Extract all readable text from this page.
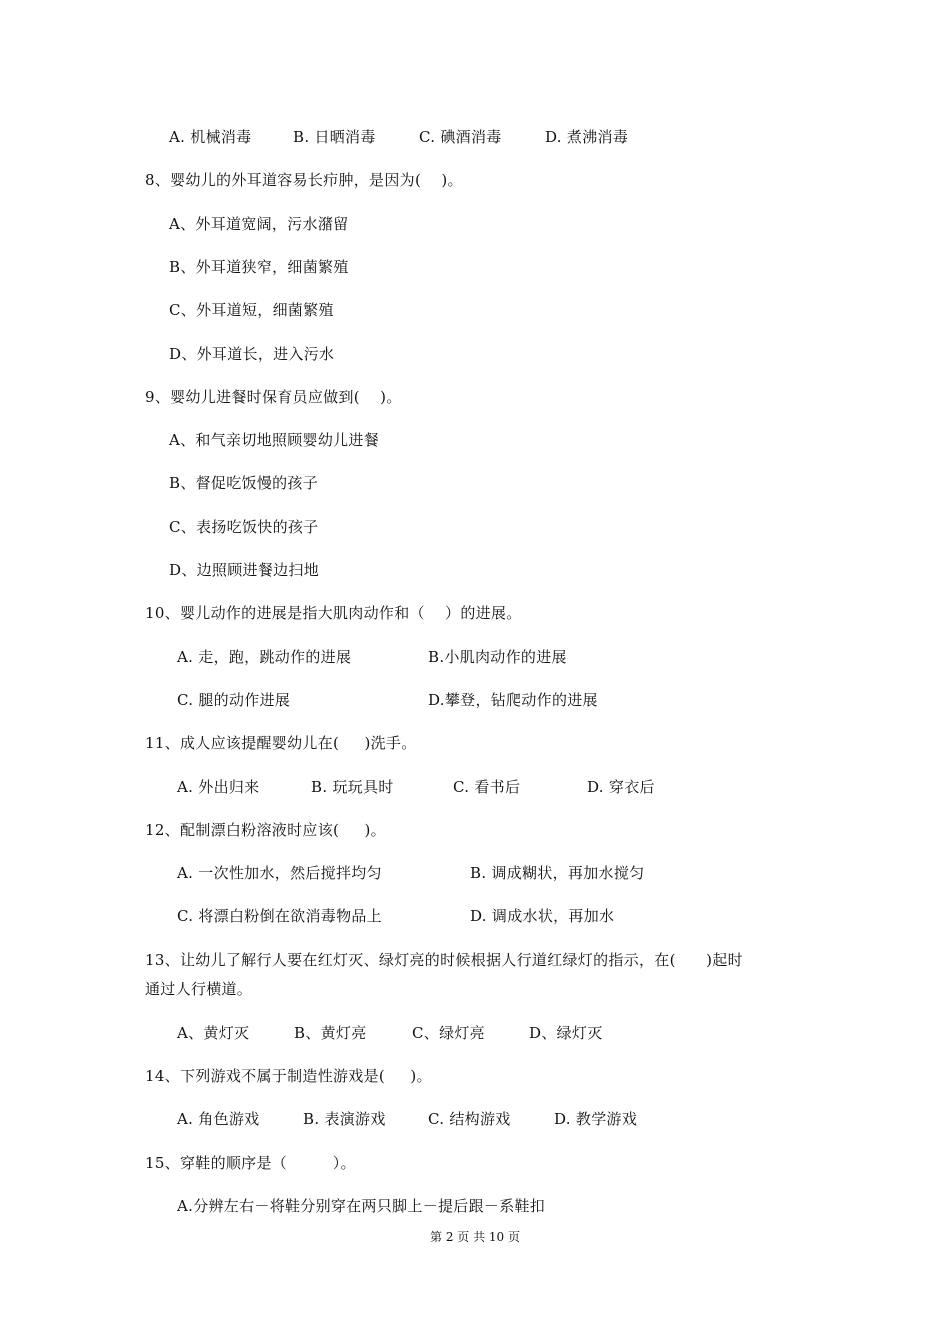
A. 机械消毒	B. 日晒消毒	C. 碘酒消毒	D. 煮沸消毒
8、婴幼儿的外耳道容易长疖肿，是因为(    )。
A、外耳道宽阔，污水潴留
B、外耳道狭窄，细菌繁殖
C、外耳道短，细菌繁殖
D、外耳道长，进入污水
9、婴幼儿进餐时保育员应做到(    )。
A、和气亲切地照顾婴幼儿进餐
B、督促吃饭慢的孩子
C、表扬吃饭快的孩子
D、边照顾进餐边扫地
10、婴儿动作的进展是指大肌肉动作和（    ）的进展。
A. 走，跑，跳动作的进展	B.小肌肉动作的进展
C. 腿的动作进展	D.攀登，钻爬动作的进展
11、成人应该提醒婴幼儿在(     )洗手。
A. 外出归来	B. 玩玩具时	C. 看书后	D. 穿衣后
12、配制漂白粉溶液时应该(     )。
A. 一次性加水，然后搅拌均匀	B. 调成糊状，再加水搅匀
C. 将漂白粉倒在欲消毒物品上	D. 调成水状，再加水
13、让幼儿了解行人要在红灯灭、绿灯亮的时候根据人行道红绿灯的指示，在(      )起时
通过人行横道。
A、黄灯灭	B、黄灯亮	C、绿灯亮	D、绿灯灭
14、下列游戏不属于制造性游戏是(     )。
A. 角色游戏	B. 表演游戏	C. 结构游戏	D. 教学游戏
15、穿鞋的顺序是（         ）。
A.分辨左右－将鞋分别穿在两只脚上－提后跟－系鞋扣
第 2 页 共 10 页
